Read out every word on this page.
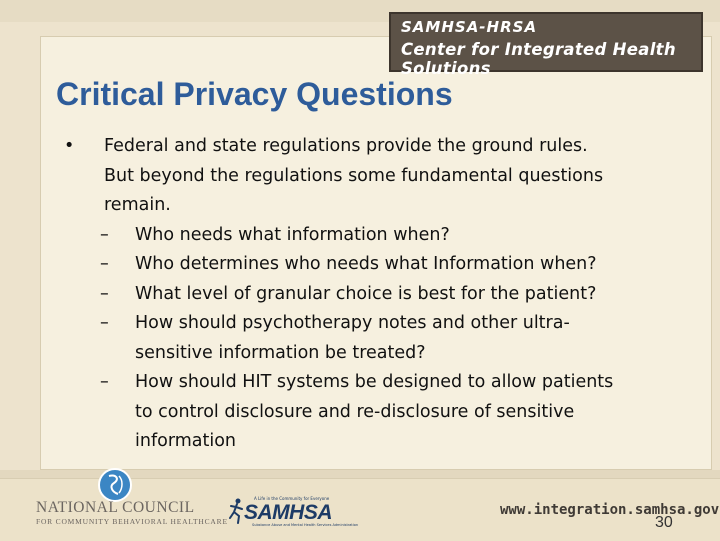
SAMHSA-HRSA
Center for Integrated Health Solutions
Critical Privacy Questions
• Federal and state regulations provide the ground rules.
But beyond the regulations some fundamental questions
remain.
– Who needs what information when?
– Who determines who needs what Information when?
– What level of granular choice is best for the patient?
– How should psychotherapy notes and other ultra-
sensitive information be treated?
– How should HIT systems be designed to allow patients
to control disclosure and re-disclosure of sensitive
information
NATIONAL COUNCIL
FOR COMMUNITY BEHAVIORAL HEALTHCARE
A Life in the Community for Everyone
SAMHSA
Substance Abuse and Mental Health Services Administration
www.integration.samhsa.gov
30
